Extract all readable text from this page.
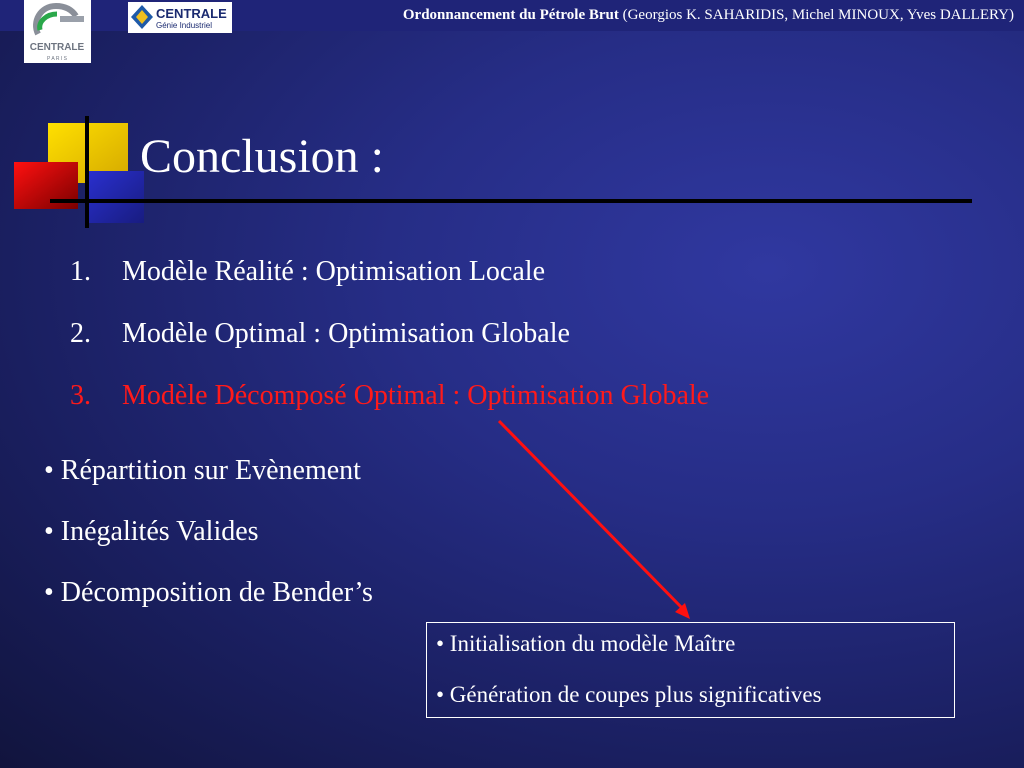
Ordonnancement du Pétrole Brut (Georgios K. SAHARIDIS, Michel MINOUX, Yves DALLERY)
CENTRALE
P A R I S
CENTRALE
Génie Industriel
Conclusion :
1. Modèle Réalité : Optimisation Locale
2. Modèle Optimal : Optimisation Globale
3. Modèle Décomposé Optimal : Optimisation Globale
• Répartition sur Evènement
• Inégalités Valides
• Décomposition de Bender’s
• Initialisation du modèle Maître
• Génération de coupes plus significatives
